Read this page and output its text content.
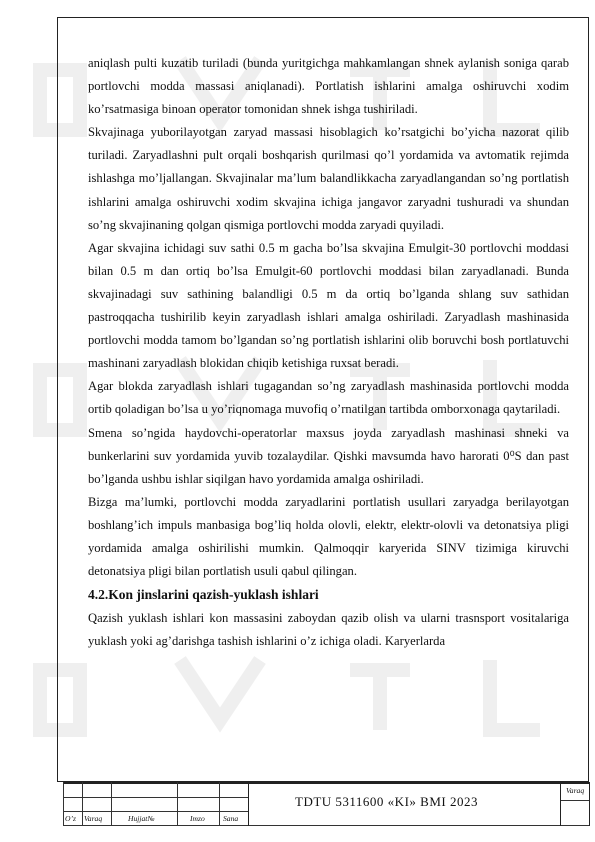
aniqlash pulti kuzatib turiladi (bunda yuritgichga mahkamlangan shnek aylanish soniga qarab portlovchi modda massasi aniqlanadi). Portlatish ishlarini amalga oshiruvchi xodim ko’rsatmasiga binoan operator tomonidan shnek ishga tushiriladi.

Skvajinaga yuborilayotgan zaryad massasi hisoblagich ko’rsatgichi bo’yicha nazorat qilib turiladi. Zaryadlashni pult orqali boshqarish qurilmasi qo’l yordamida va avtomatik rejimda ishlashga mo’ljallangan. Skvajinalar ma’lum balandlikkacha zaryadlangandan so’ng portlatish ishlarini amalga oshiruvchi xodim skvajina ichiga jangavor zaryadni tushuradi va shundan so’ng skvajinaning qolgan qismiga portlovchi modda zaryadi quyiladi.

Agar skvajina ichidagi suv sathi 0.5 m gacha bo’lsa skvajina Emulgit-30 portlovchi moddasi bilan 0.5 m dan ortiq bo’lsa Emulgit-60 portlovchi moddasi bilan zaryadlanadi. Bunda skvajinadagi suv sathining balandligi 0.5 m da ortiq bo’lganda shlang suv sathidan pastroqqacha tushirilib keyin zaryadlash ishlari amalga oshiriladi. Zaryadlash mashinasida portlovchi modda tamom bo’lgandan so’ng portlatish ishlarini olib boruvchi bosh portlatuvchi mashinani zaryadlash blokidan chiqib ketishiga ruxsat beradi.

Agar blokda zaryadlash ishlari tugagandan so’ng zaryadlash mashinasida portlovchi modda ortib qoladigan bo’lsa u yo’riqnomaga muvofiq o’rnatilgan tartibda omborxonaga qaytariladi.

Smena so’ngida haydovchi-operatorlar maxsus joyda zaryadlash mashinasi shneki va bunkerlarini suv yordamida yuvib tozalaydilar. Qishki mavsumda havo harorati 0⁰S dan past bo’lganda ushbu ishlar siqilgan havo yordamida amalga oshiriladi.

Bizga ma’lumki, portlovchi modda zaryadlarini portlatish usullari zaryadga berilayotgan boshlang’ich impuls manbasiga bog’liq holda olovli, elektr, elektr-olovli va detonatsiya pligi yordamida amalga oshirilishi mumkin. Qalmoqqir karyerida SINV tizimiga kiruvchi detonatsiya pligi bilan portlatish usuli qabul qilingan.

4.2.Kon jinslarini qazish-yuklash ishlari

Qazish yuklash ishlari kon massasini zaboydan qazib olish va ularni trasnsport vositalariga yuklash yoki ag’darishga tashish ishlarini o’z ichiga oladi. Karyerlarda

O’z Varaq	Hujjat№	Imzo Sana
TDTU 5311600 «KI» BMI 2023
Varaq
